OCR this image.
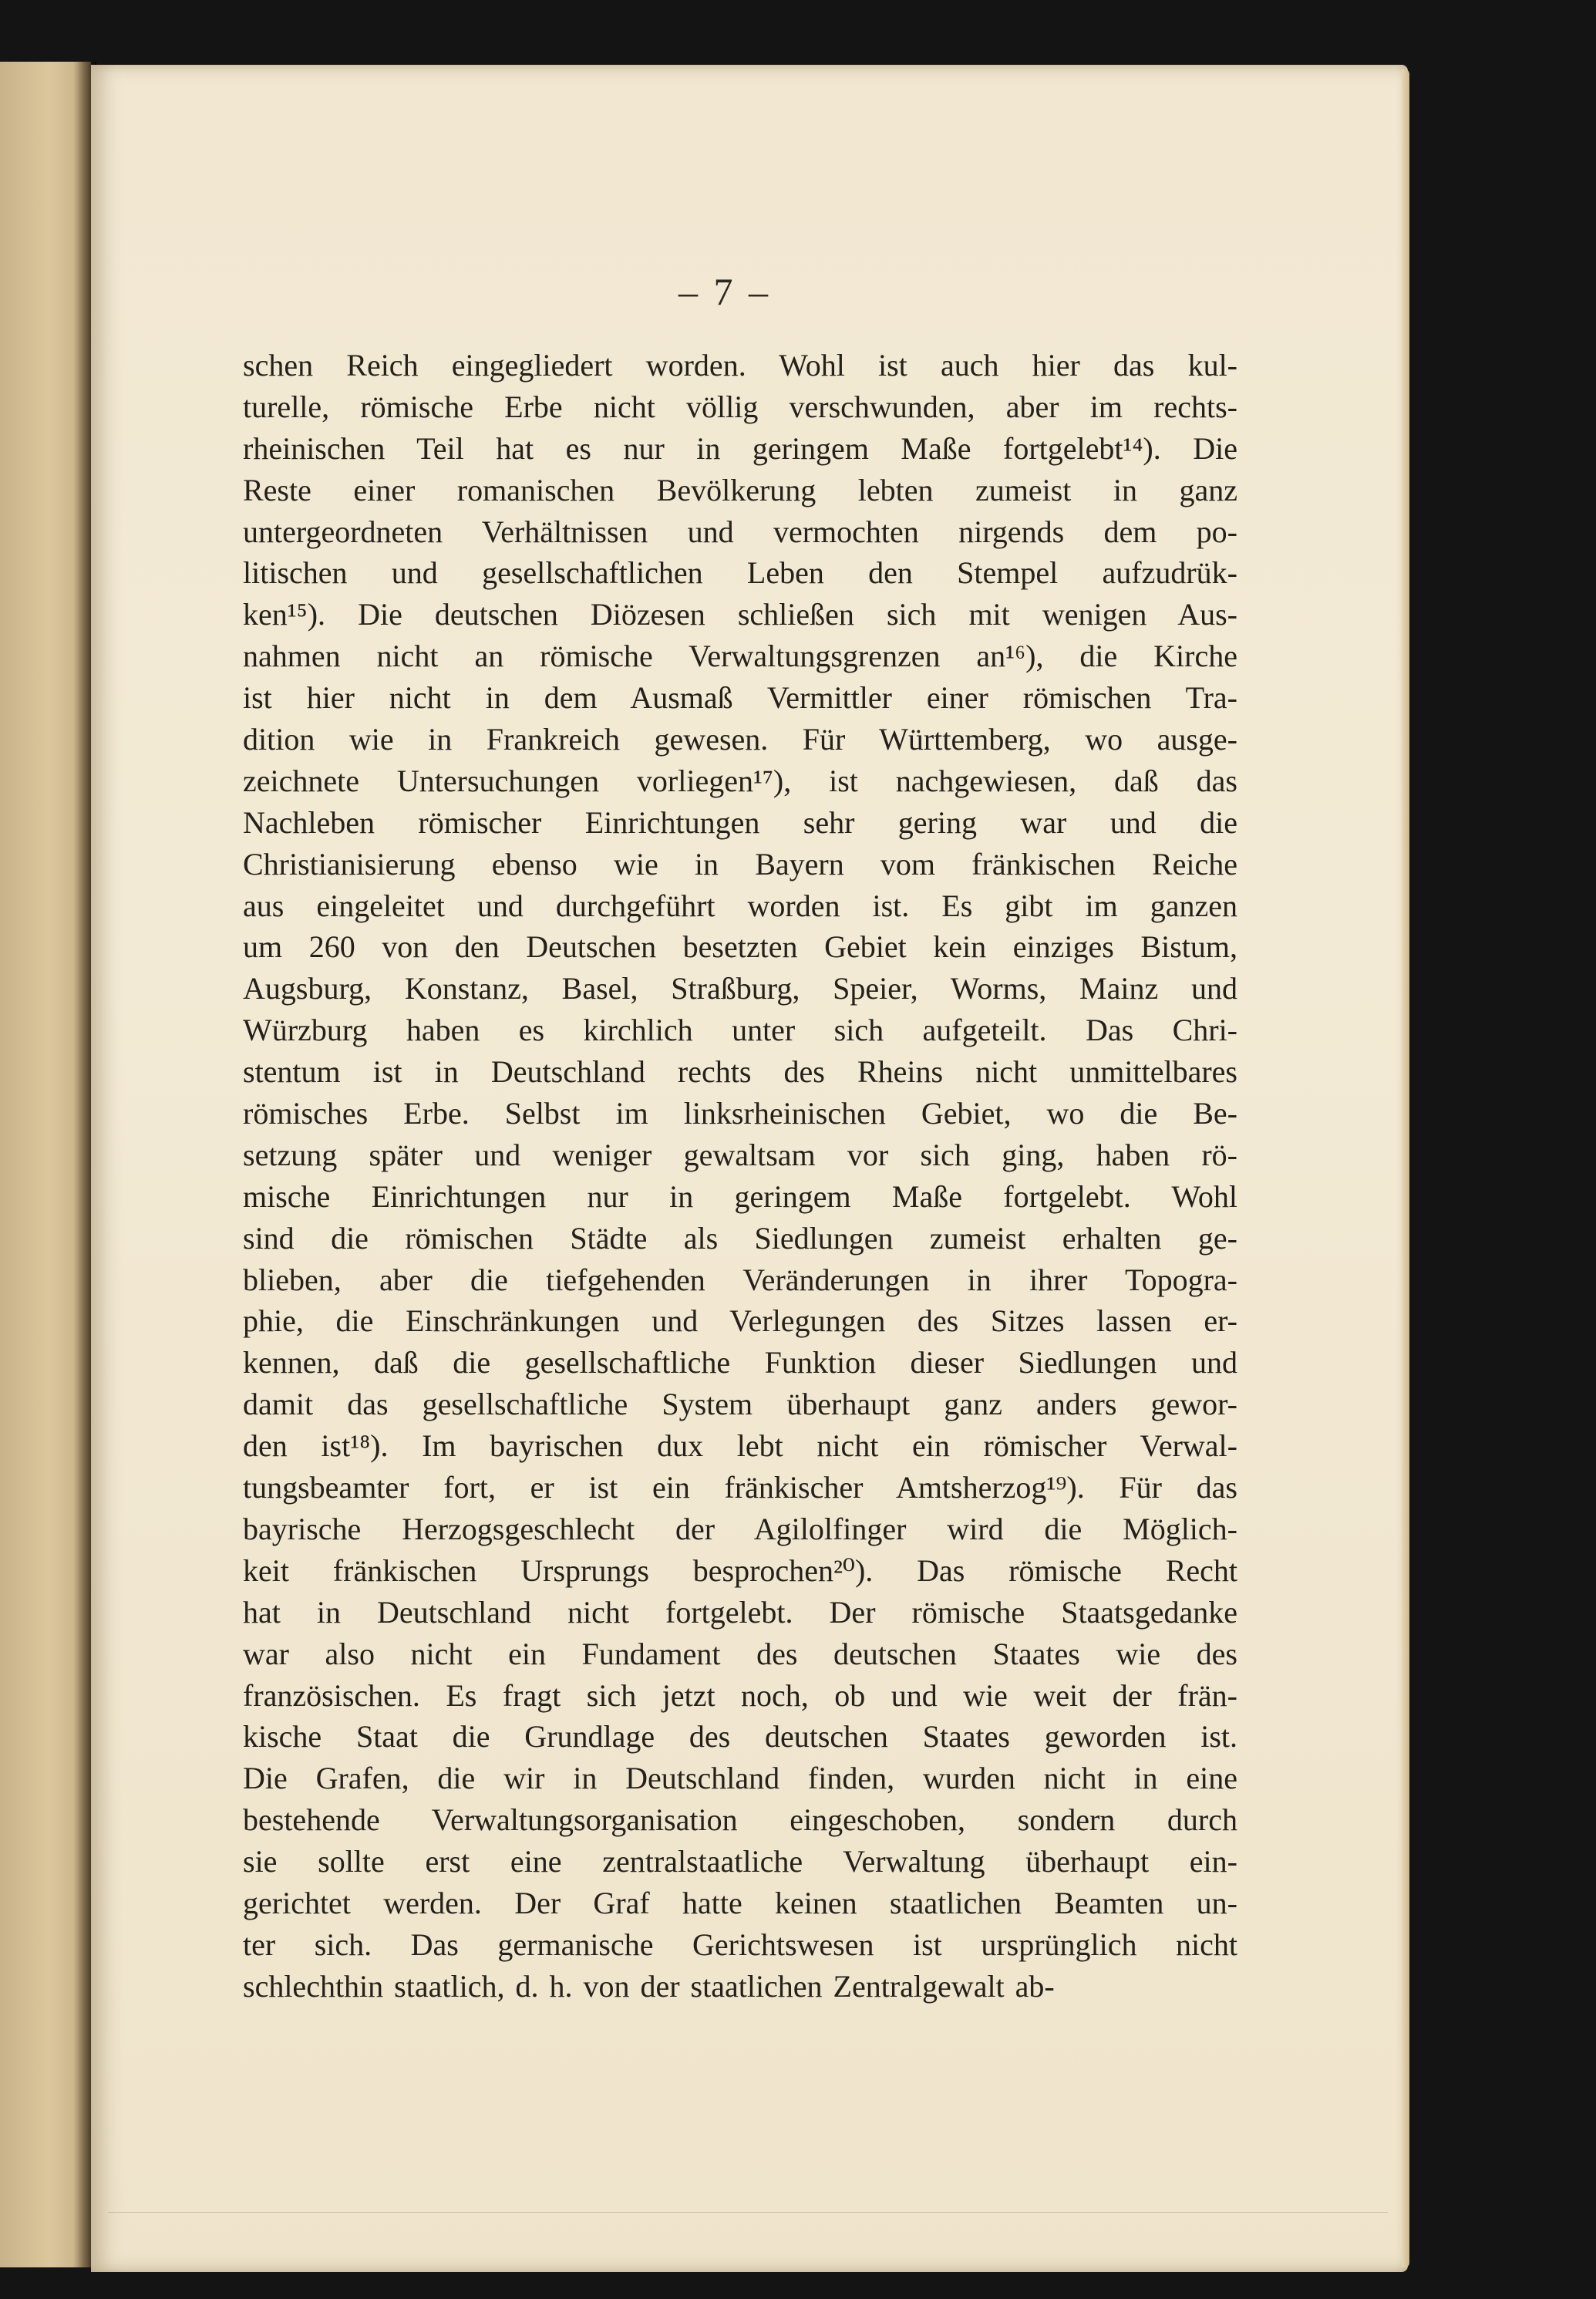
– 7 –
schen Reich eingegliedert worden. Wohl ist auch hier das kul-
turelle, römische Erbe nicht völlig verschwunden, aber im rechts-
rheinischen Teil hat es nur in geringem Maße fortgelebt¹⁴). Die
Reste einer romanischen Bevölkerung lebten zumeist in ganz
untergeordneten Verhältnissen und vermochten nirgends dem po-
litischen und gesellschaftlichen Leben den Stempel aufzudrük-
ken¹⁵). Die deutschen Diözesen schließen sich mit wenigen Aus-
nahmen nicht an römische Verwaltungsgrenzen an¹⁶), die Kirche
ist hier nicht in dem Ausmaß Vermittler einer römischen Tra-
dition wie in Frankreich gewesen. Für Württemberg, wo ausge-
zeichnete Untersuchungen vorliegen¹⁷), ist nachgewiesen, daß das
Nachleben römischer Einrichtungen sehr gering war und die
Christianisierung ebenso wie in Bayern vom fränkischen Reiche
aus eingeleitet und durchgeführt worden ist. Es gibt im ganzen
um 260 von den Deutschen besetzten Gebiet kein einziges Bistum,
Augsburg, Konstanz, Basel, Straßburg, Speier, Worms, Mainz und
Würzburg haben es kirchlich unter sich aufgeteilt. Das Chri-
stentum ist in Deutschland rechts des Rheins nicht unmittelbares
römisches Erbe. Selbst im linksrheinischen Gebiet, wo die Be-
setzung später und weniger gewaltsam vor sich ging, haben rö-
mische Einrichtungen nur in geringem Maße fortgelebt. Wohl
sind die römischen Städte als Siedlungen zumeist erhalten ge-
blieben, aber die tiefgehenden Veränderungen in ihrer Topogra-
phie, die Einschränkungen und Verlegungen des Sitzes lassen er-
kennen, daß die gesellschaftliche Funktion dieser Siedlungen und
damit das gesellschaftliche System überhaupt ganz anders gewor-
den ist¹⁸). Im bayrischen dux lebt nicht ein römischer Verwal-
tungsbeamter fort, er ist ein fränkischer Amtsherzog¹⁹). Für das
bayrische Herzogsgeschlecht der Agilolfinger wird die Möglich-
keit fränkischen Ursprungs besprochen²⁰). Das römische Recht
hat in Deutschland nicht fortgelebt. Der römische Staatsgedanke
war also nicht ein Fundament des deutschen Staates wie des
französischen. Es fragt sich jetzt noch, ob und wie weit der frän-
kische Staat die Grundlage des deutschen Staates geworden ist.
Die Grafen, die wir in Deutschland finden, wurden nicht in eine
bestehende Verwaltungsorganisation eingeschoben, sondern durch
sie sollte erst eine zentralstaatliche Verwaltung überhaupt ein-
gerichtet werden. Der Graf hatte keinen staatlichen Beamten un-
ter sich. Das germanische Gerichtswesen ist ursprünglich nicht
schlechthin staatlich, d. h. von der staatlichen Zentralgewalt ab-
